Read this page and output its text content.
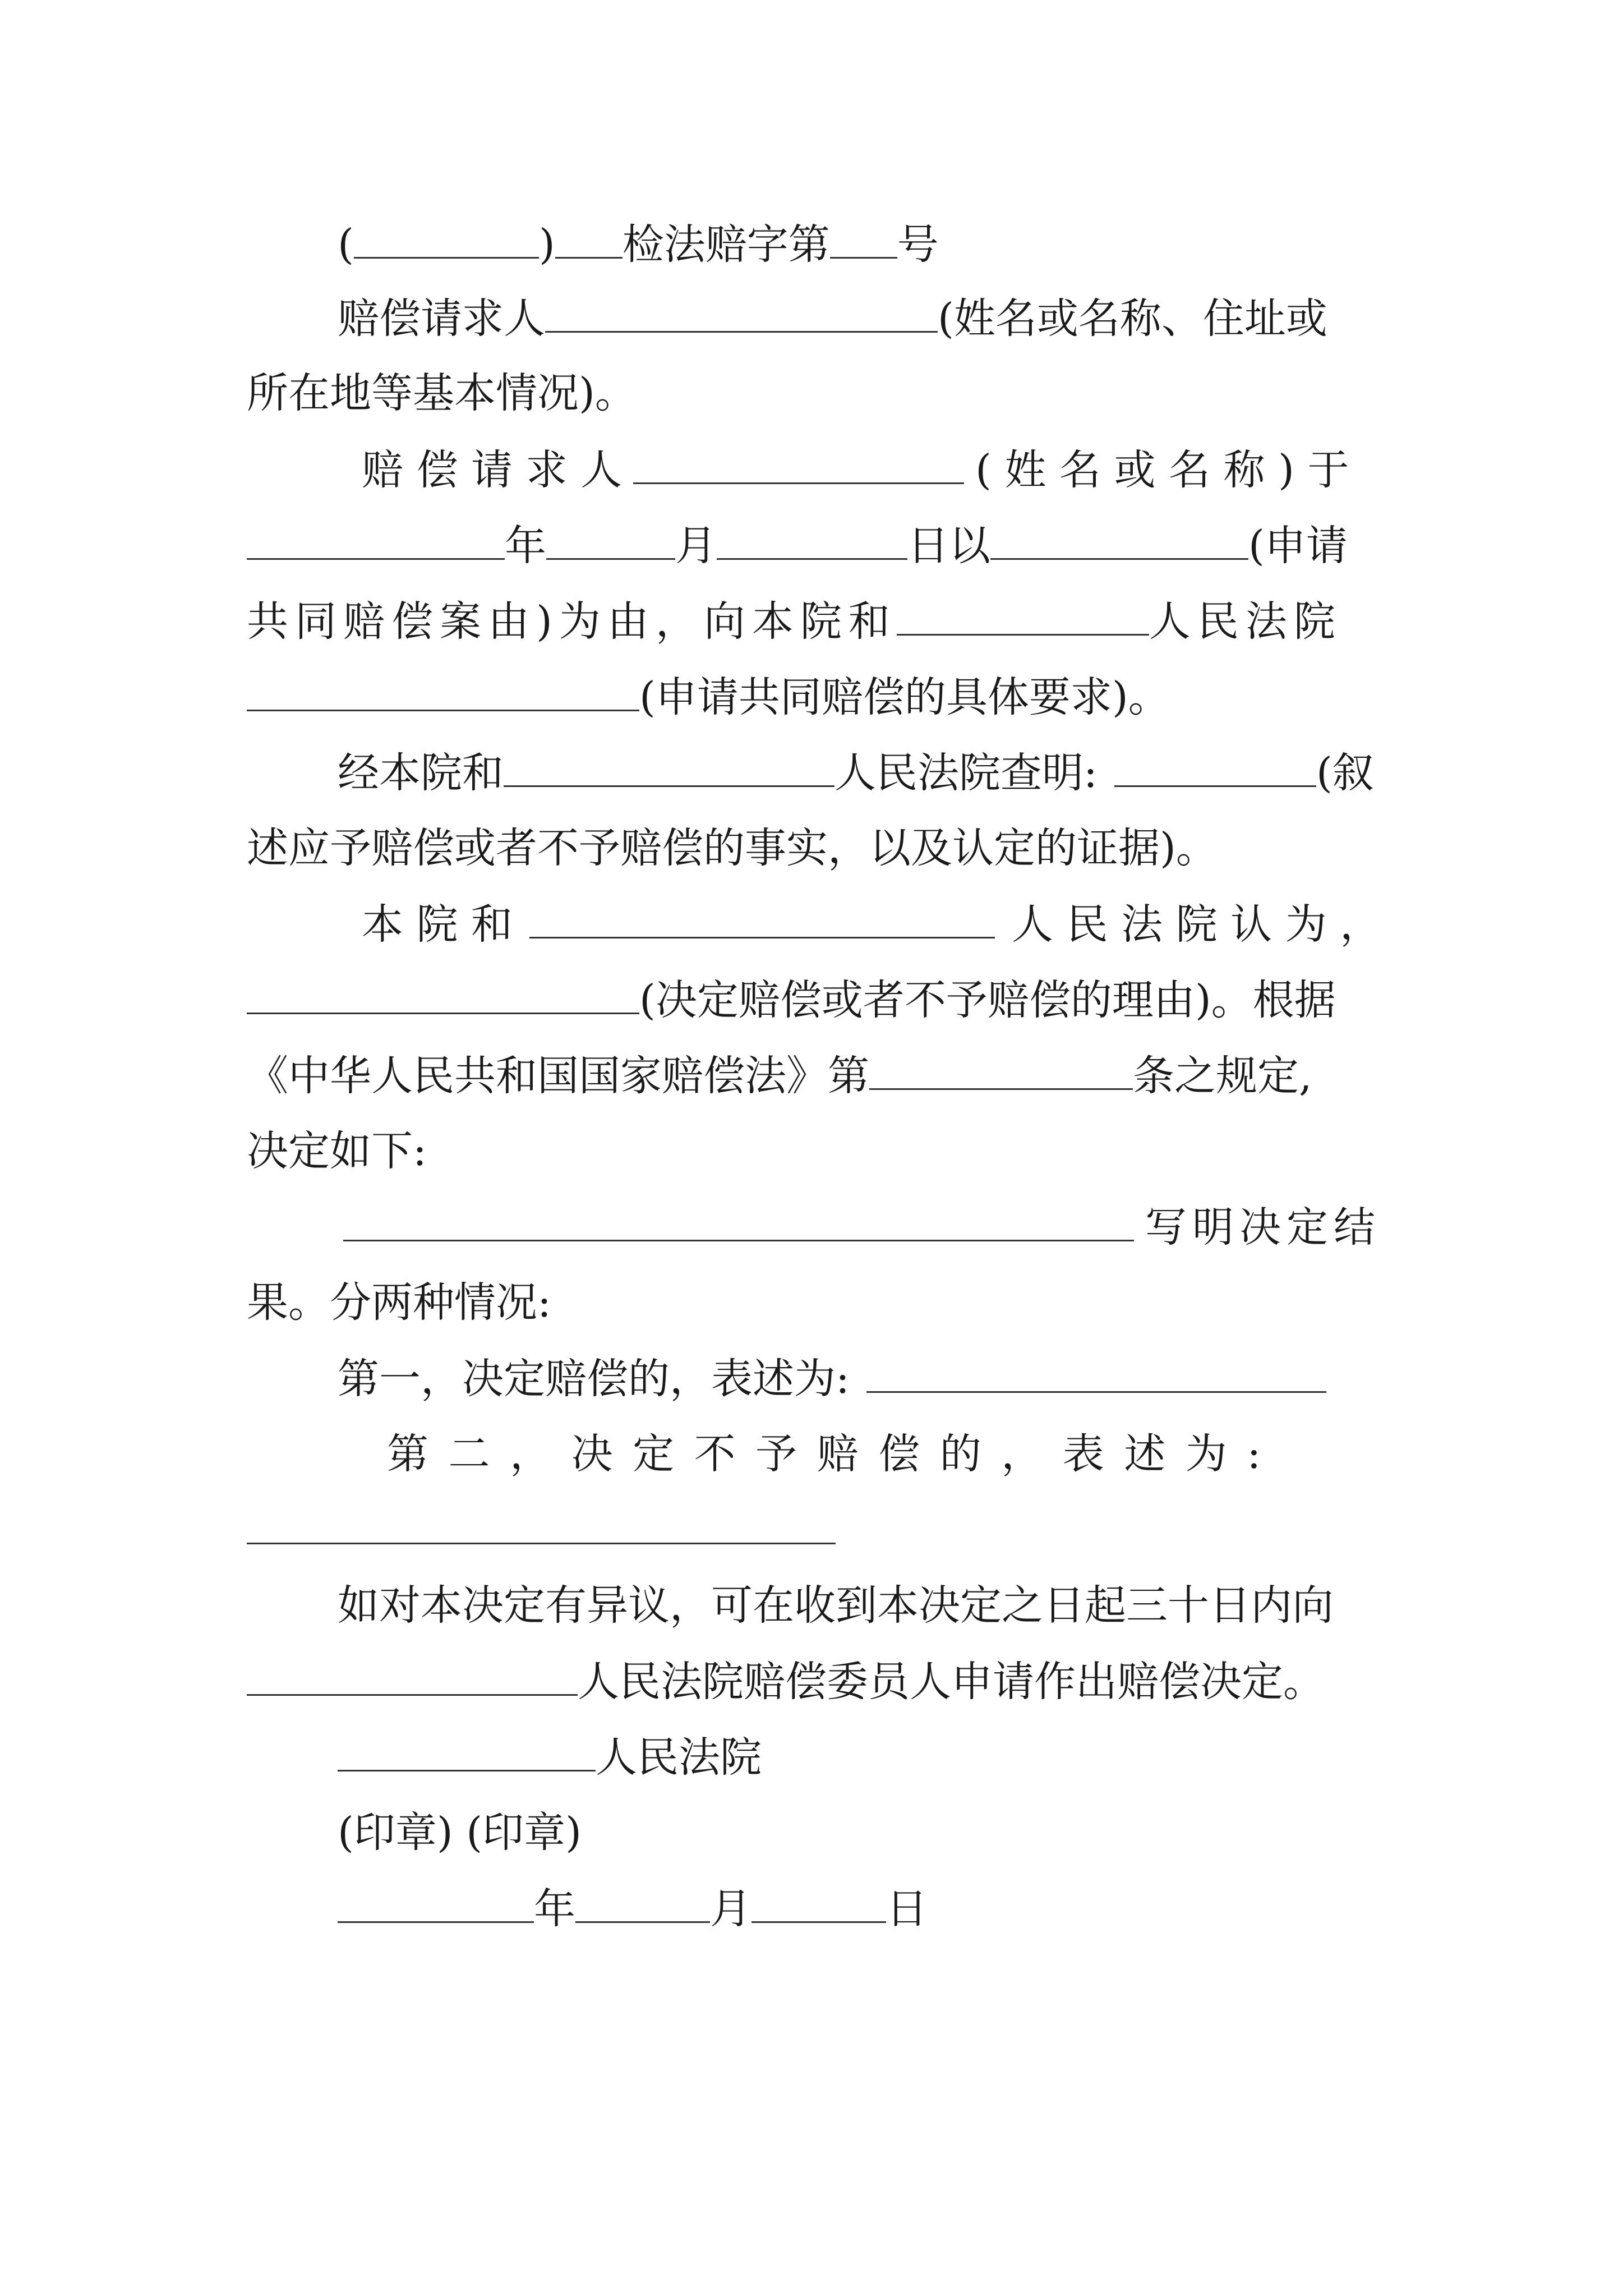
(	) 检法赔字第 号
赔偿请求人	(姓名或名称、住址或
所在地等基本情况)。
赔 偿 请 求 人	( 姓 名 或 名 称 ) 于
年	月	日以	(申请
共同赔偿案由)为由，向本院和	人民法院
(申请共同赔偿的具体要求)。
经本院和	人民法院查明:	(叙
述应予赔偿或者不予赔偿的事实，以及认定的证据)。
本 院 和	人 民 法 院 认 为 ，
(决定赔偿或者不予赔偿的理由)。根据
《中华人民共和国国家赔偿法》第	条之规定,
决定如下:
写明决定结
果。分两种情况:
第一，决定赔偿的，表述为:
第 二 ， 决 定 不 予 赔 偿 的 ， 表 述 为 :
如对本决定有异议，可在收到本决定之日起三十日内向
人民法院赔偿委员人申请作出赔偿决定。
人民法院
(印章) (印章)
年	月	日
